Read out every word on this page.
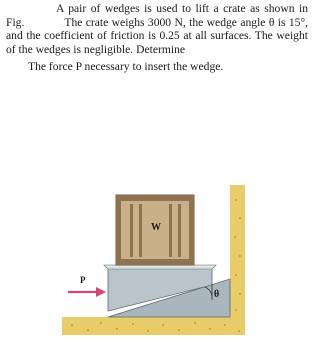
A pair of wedges is used to lift a crate as shown in Fig.	The crate weighs 3000 N, the wedge angle θ is 15°, and the coefficient of friction is 0.25 at all surfaces. The weight of the wedges is negligible. Determine

The force P necessary to insert the wedge.

θ
W
P
